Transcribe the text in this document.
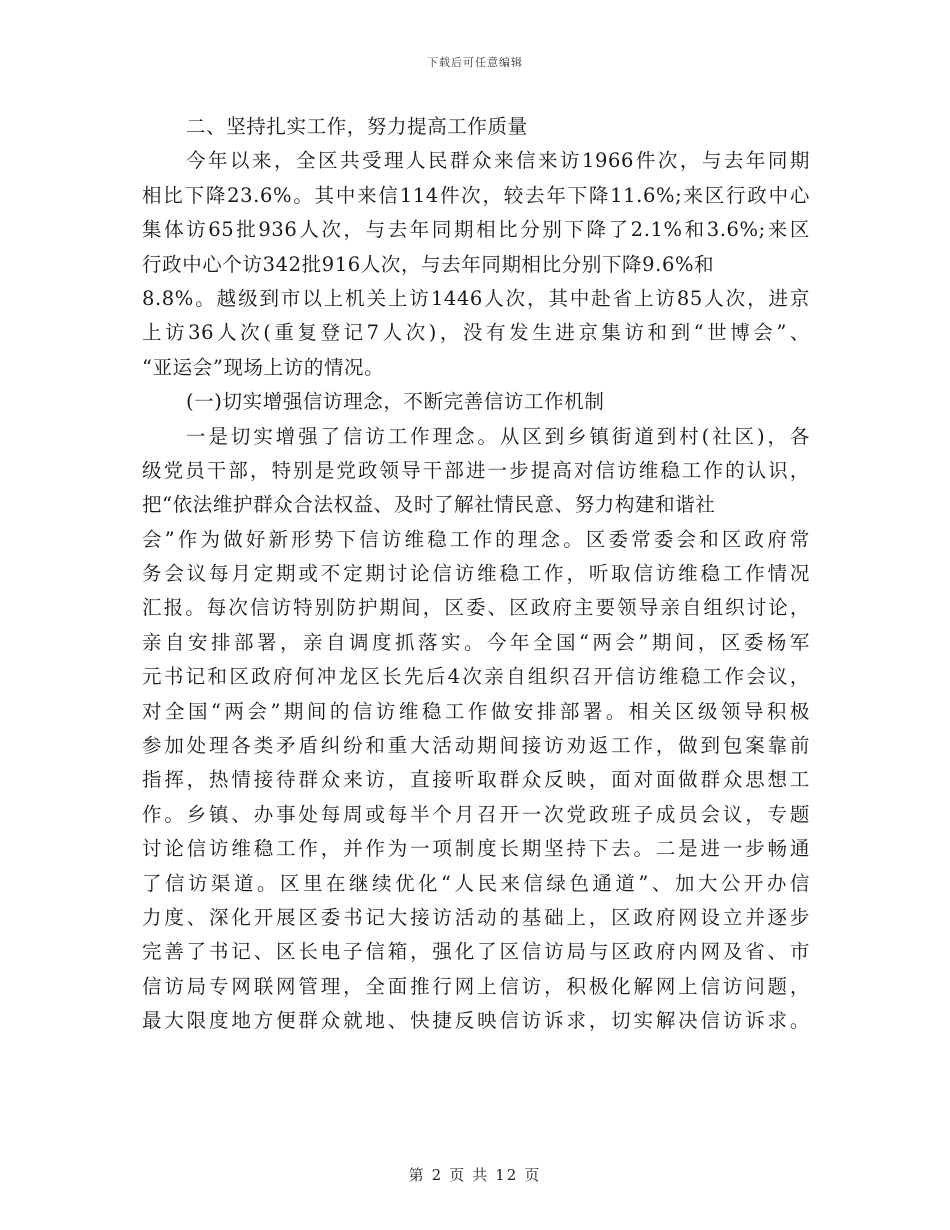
下载后可任意编辑
二、坚持扎实工作，努力提高工作质量
今年以来，全区共受理人民群众来信来访1966件次，与去年同期
相比下降23.6%。其中来信114件次，较去年下降11.6%;来区行政中心
集体访65批936人次，与去年同期相比分别下降了2.1%和3.6%;来区
行政中心个访342批916人次，与去年同期相比分别下降9.6%和
8.8%。越级到市以上机关上访1446人次，其中赴省上访85人次，进京
上访36人次(重复登记7人次)，没有发生进京集访和到“世博会”、
“亚运会”现场上访的情况。
(一)切实增强信访理念，不断完善信访工作机制
一是切实增强了信访工作理念。从区到乡镇街道到村(社区)，各
级党员干部，特别是党政领导干部进一步提高对信访维稳工作的认识，
把“依法维护群众合法权益、及时了解社情民意、努力构建和谐社
会”作为做好新形势下信访维稳工作的理念。区委常委会和区政府常
务会议每月定期或不定期讨论信访维稳工作，听取信访维稳工作情况
汇报。每次信访特别防护期间，区委、区政府主要领导亲自组织讨论，
亲自安排部署，亲自调度抓落实。今年全国“两会”期间，区委杨军
元书记和区政府何冲龙区长先后4次亲自组织召开信访维稳工作会议，
对全国“两会”期间的信访维稳工作做安排部署。相关区级领导积极
参加处理各类矛盾纠纷和重大活动期间接访劝返工作，做到包案靠前
指挥，热情接待群众来访，直接听取群众反映，面对面做群众思想工
作。乡镇、办事处每周或每半个月召开一次党政班子成员会议，专题
讨论信访维稳工作，并作为一项制度长期坚持下去。二是进一步畅通
了信访渠道。区里在继续优化“人民来信绿色通道”、加大公开办信
力度、深化开展区委书记大接访活动的基础上，区政府网设立并逐步
完善了书记、区长电子信箱，强化了区信访局与区政府内网及省、市
信访局专网联网管理，全面推行网上信访，积极化解网上信访问题，
最大限度地方便群众就地、快捷反映信访诉求，切实解决信访诉求。
第 2 页 共 12 页
